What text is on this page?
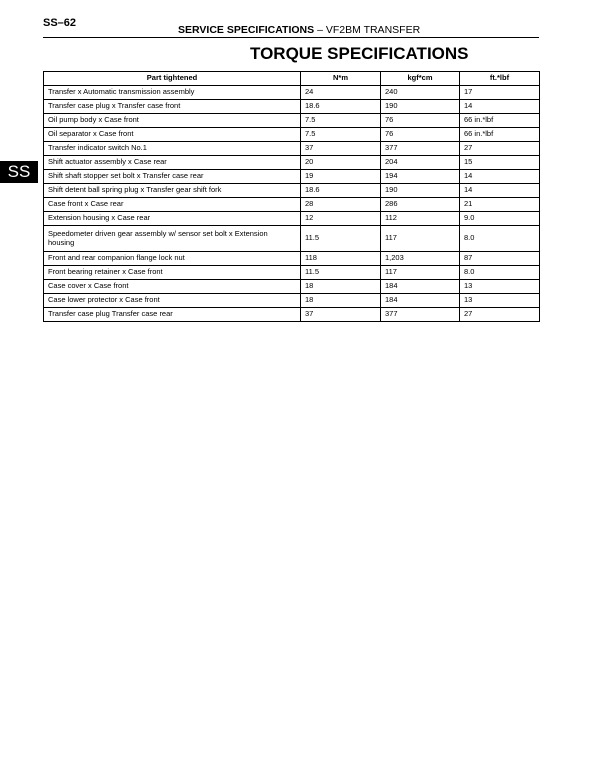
SS–62
SERVICE SPECIFICATIONS – VF2BM TRANSFER
SS
TORQUE SPECIFICATIONS
Part tightened	N*m	kgf*cm	ft.*lbf
Transfer x Automatic transmission assembly	24	240	17
Transfer case plug x Transfer case front	18.6	190	14
Oil pump body x Case front	7.5	76	66 in.*lbf
Oil separator x Case front	7.5	76	66 in.*lbf
Transfer indicator switch No.1	37	377	27
Shift actuator assembly x Case rear	20	204	15
Shift shaft stopper set bolt x Transfer case rear	19	194	14
Shift detent ball spring plug x Transfer gear shift fork	18.6	190	14
Case front x Case rear	28	286	21
Extension housing x Case rear	12	112	9.0
Speedometer driven gear assembly w/ sensor set bolt x Extension housing	11.5	117	8.0
Front and rear companion flange lock nut	118	1,203	87
Front bearing retainer x Case front	11.5	117	8.0
Case cover x Case front	18	184	13
Case lower protector x Case front	18	184	13
Transfer case plug Transfer case rear	37	377	27
